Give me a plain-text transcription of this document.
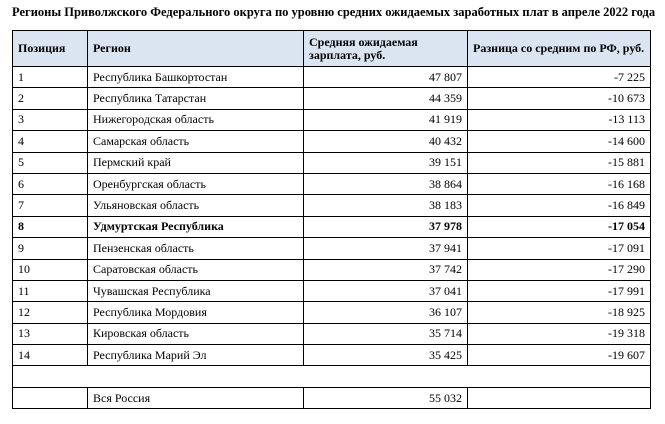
Регионы Приволжского Федерального округа по уровню средних ожидаемых заработных плат в апреле 2022 года
Позиция	Регион	Средняя ожидаемая зарплата, руб.	Разница со средним по РФ, руб.
1	Республика Башкортостан	47 807	-7 225
2	Республика Татарстан	44 359	-10 673
3	Нижегородская область	41 919	-13 113
4	Самарская область	40 432	-14 600
5	Пермский край	39 151	-15 881
6	Оренбургская область	38 864	-16 168
7	Ульяновская область	38 183	-16 849
8	Удмуртская Республика	37 978	-17 054
9	Пензенская область	37 941	-17 091
10	Саратовская область	37 742	-17 290
11	Чувашская Республика	37 041	-17 991
12	Республика Мордовия	36 107	-18 925
13	Кировская область	35 714	-19 318
14	Республика Марий Эл	35 425	-19 607

	Вся Россия	55 032	
